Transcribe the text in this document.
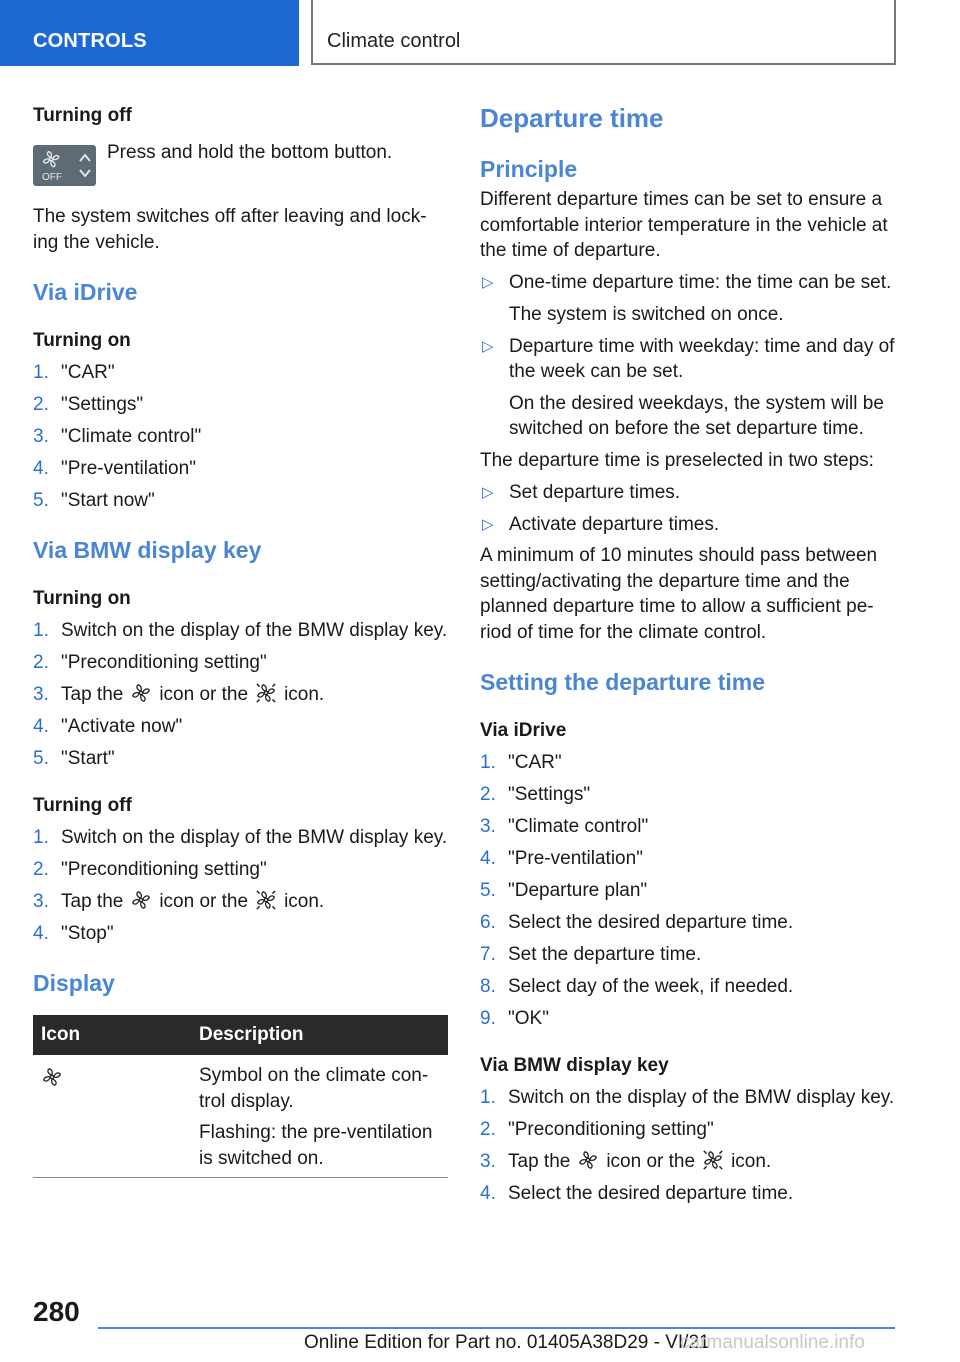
CONTROLS	Climate control
Turning off
OFF
Press and hold the bottom button.

The system switches off after leaving and lock-ing the vehicle.

Via iDrive
Turning on
1. "CAR"
2. "Settings"
3. "Climate control"
4. "Pre-ventilation"
5. "Start now"
Via BMW display key
Turning on
1. Switch on the display of the BMW display key.
2. "Preconditioning setting"
3. Tap the icon or the icon.
4. "Activate now"
5. "Start"
Turning off
1. Switch on the display of the BMW display key.
2. "Preconditioning setting"
3. Tap the icon or the icon.
4. "Stop"
Display
Icon	Description
Symbol on the climate con-trol display.
Flashing: the pre-ventilation is switched on.
Departure time
Principle

Different departure times can be set to ensure a comfortable interior temperature in the vehicle at the time of departure.

▷ One-time departure time: the time can be set.
The system is switched on once.
▷ Departure time with weekday: time and day of the week can be set.
On the desired weekdays, the system will be switched on before the set departure time.

The departure time is preselected in two steps:

▷ Set departure times.
▷ Activate departure times.

A minimum of 10 minutes should pass between setting/activating the departure time and the planned departure time to allow a sufficient pe-riod of time for the climate control.

Setting the departure time
Via iDrive
1. "CAR"
2. "Settings"
3. "Climate control"
4. "Pre-ventilation"
5. "Departure plan"
6. Select the desired departure time.
7. Set the departure time.
8. Select day of the week, if needed.
9. "OK"
Via BMW display key
1. Switch on the display of the BMW display key.
2. "Preconditioning setting"
3. Tap the icon or the icon.
4. Select the desired departure time.
280
Online Edition for Part no. 01405A38D29 - VI/21
carmanualsonline.info
